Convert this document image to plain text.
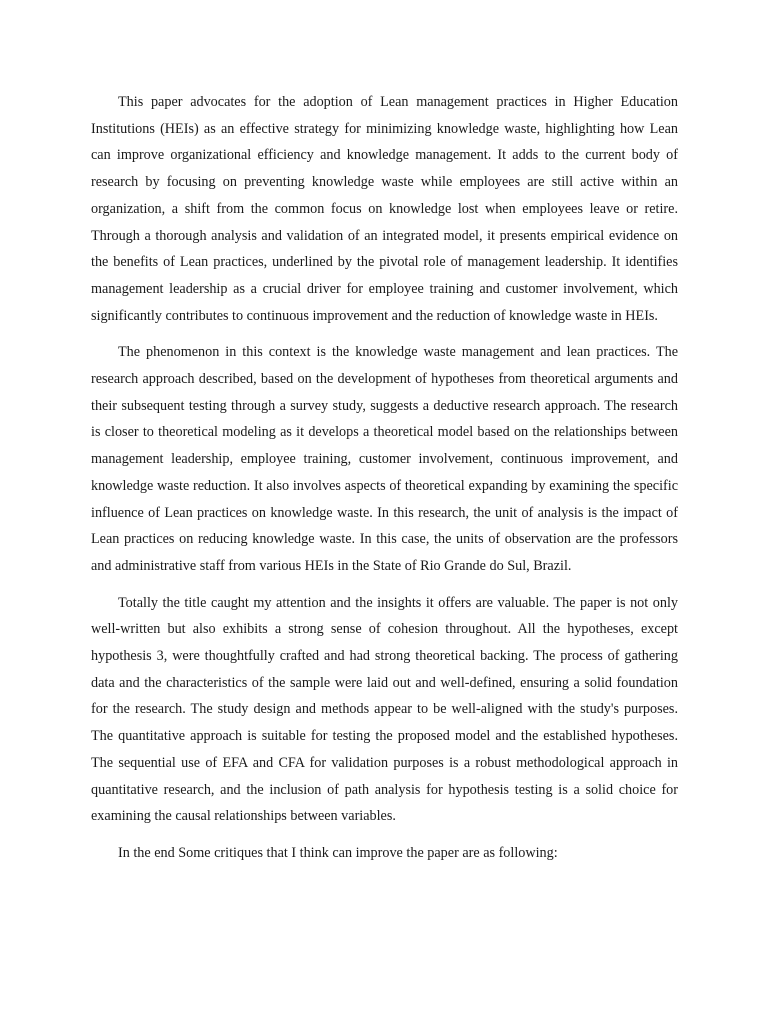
This paper advocates for the adoption of Lean management practices in Higher Education Institutions (HEIs) as an effective strategy for minimizing knowledge waste, highlighting how Lean can improve organizational efficiency and knowledge management. It adds to the current body of research by focusing on preventing knowledge waste while employees are still active within an organization, a shift from the common focus on knowledge lost when employees leave or retire. Through a thorough analysis and validation of an integrated model, it presents empirical evidence on the benefits of Lean practices, underlined by the pivotal role of management leadership. It identifies management leadership as a crucial driver for employee training and customer involvement, which significantly contributes to continuous improvement and the reduction of knowledge waste in HEIs.

The phenomenon in this context is the knowledge waste management and lean practices. The research approach described, based on the development of hypotheses from theoretical arguments and their subsequent testing through a survey study, suggests a deductive research approach. The research is closer to theoretical modeling as it develops a theoretical model based on the relationships between management leadership, employee training, customer involvement, continuous improvement, and knowledge waste reduction. It also involves aspects of theoretical expanding by examining the specific influence of Lean practices on knowledge waste. In this research, the unit of analysis is the impact of Lean practices on reducing knowledge waste. In this case, the units of observation are the professors and administrative staff from various HEIs in the State of Rio Grande do Sul, Brazil.

Totally the title caught my attention and the insights it offers are valuable. The paper is not only well-written but also exhibits a strong sense of cohesion throughout. All the hypotheses, except hypothesis 3, were thoughtfully crafted and had strong theoretical backing. The process of gathering data and the characteristics of the sample were laid out and well-defined, ensuring a solid foundation for the research. The study design and methods appear to be well-aligned with the study's purposes. The quantitative approach is suitable for testing the proposed model and the established hypotheses. The sequential use of EFA and CFA for validation purposes is a robust methodological approach in quantitative research, and the inclusion of path analysis for hypothesis testing is a solid choice for examining the causal relationships between variables.

In the end Some critiques that I think can improve the paper are as following:
